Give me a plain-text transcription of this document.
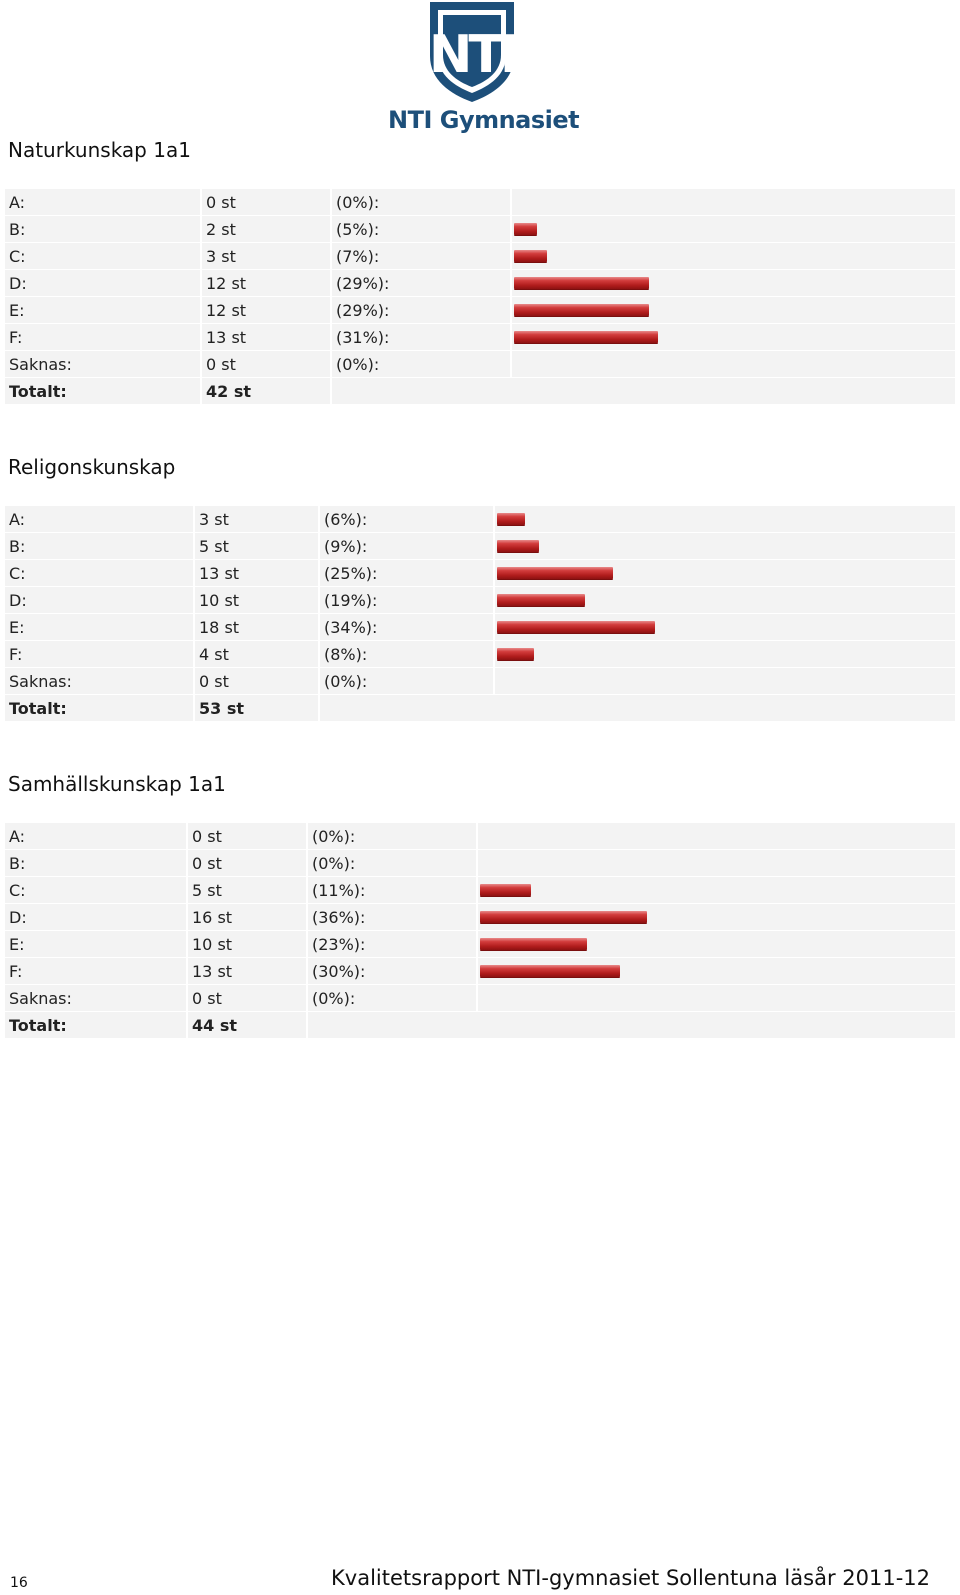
NTI
NTI Gymnasiet
Naturkunskap 1a1
A:	0 st	(0%):	
B:	2 st	(5%):	

C:	3 st	(7%):	

D:	12 st	(29%):	

E:	12 st	(29%):	

F:	13 st	(31%):	

Saknas:	0 st	(0%):	
Totalt:	42 st		
Religonskunskap
A:	3 st	(6%):	

B:	5 st	(9%):	

C:	13 st	(25%):	

D:	10 st	(19%):	

E:	18 st	(34%):	

F:	4 st	(8%):	

Saknas:	0 st	(0%):	
Totalt:	53 st		
Samhällskunskap 1a1
A:	0 st	(0%):	
B:	0 st	(0%):	
C:	5 st	(11%):	

D:	16 st	(36%):	

E:	10 st	(23%):	

F:	13 st	(30%):	

Saknas:	0 st	(0%):	
Totalt:	44 st		
16	Kvalitetsrapport NTI-gymnasiet Sollentuna läsår 2011-12
